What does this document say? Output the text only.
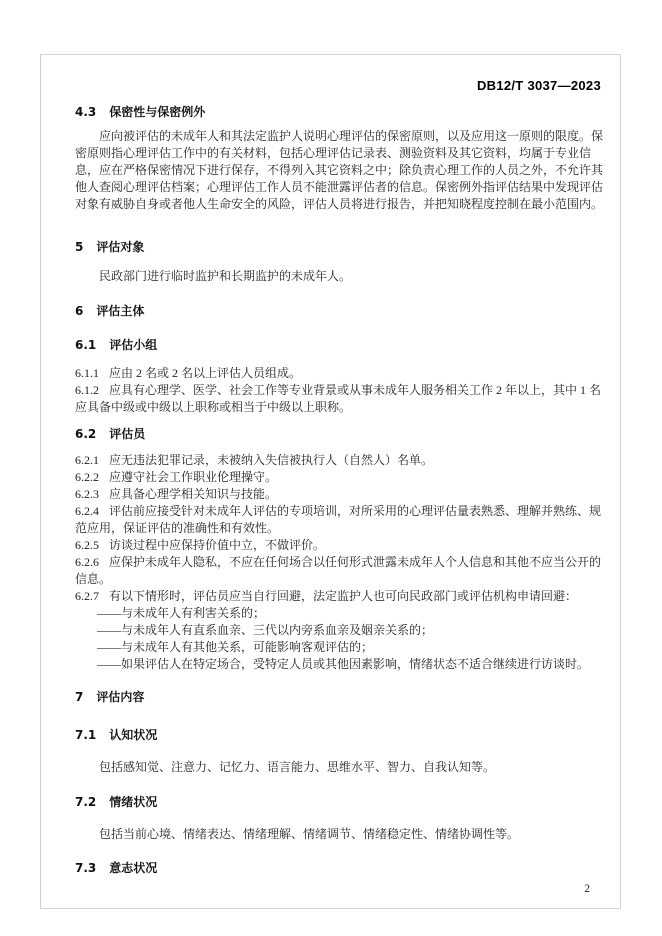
DB12/T 3037—2023

4.3 保密性与保密例外

应向被评估的未成年人和其法定监护人说明心理评估的保密原则，以及应用这一原则的限度。保密原则指心理评估工作中的有关材料，包括心理评估记录表、测验资料及其它资料，均属于专业信息，应在严格保密情况下进行保存，不得列入其它资料之中；除负责心理工作的人员之外，不允许其他人查阅心理评估档案；心理评估工作人员不能泄露评估者的信息。保密例外指评估结果中发现评估对象有威胁自身或者他人生命安全的风险，评估人员将进行报告，并把知晓程度控制在最小范围内。

5 评估对象

民政部门进行临时监护和长期监护的未成年人。

6 评估主体

6.1 评估小组

6.1.1 应由 2 名或 2 名以上评估人员组成。

6.1.2 应具有心理学、医学、社会工作等专业背景或从事未成年人服务相关工作 2 年以上，其中 1 名应具备中级或中级以上职称或相当于中级以上职称。

6.2 评估员

6.2.1 应无违法犯罪记录，未被纳入失信被执行人（自然人）名单。

6.2.2 应遵守社会工作职业伦理操守。

6.2.3 应具备心理学相关知识与技能。

6.2.4 评估前应接受针对未成年人评估的专项培训，对所采用的心理评估量表熟悉、理解并熟练、规范应用，保证评估的准确性和有效性。

6.2.5 访谈过程中应保持价值中立，不做评价。

6.2.6 应保护未成年人隐私，不应在任何场合以任何形式泄露未成年人个人信息和其他不应当公开的信息。

6.2.7 有以下情形时，评估员应当自行回避，法定监护人也可向民政部门或评估机构申请回避：

——与未成年人有利害关系的；

——与未成年人有直系血亲、三代以内旁系血亲及姻亲关系的；

——与未成年人有其他关系，可能影响客观评估的；

——如果评估人在特定场合，受特定人员或其他因素影响，情绪状态不适合继续进行访谈时。

7 评估内容

7.1 认知状况

包括感知觉、注意力、记忆力、语言能力、思维水平、智力、自我认知等。

7.2 情绪状况

包括当前心境、情绪表达、情绪理解、情绪调节、情绪稳定性、情绪协调性等。

7.3 意志状况

2
